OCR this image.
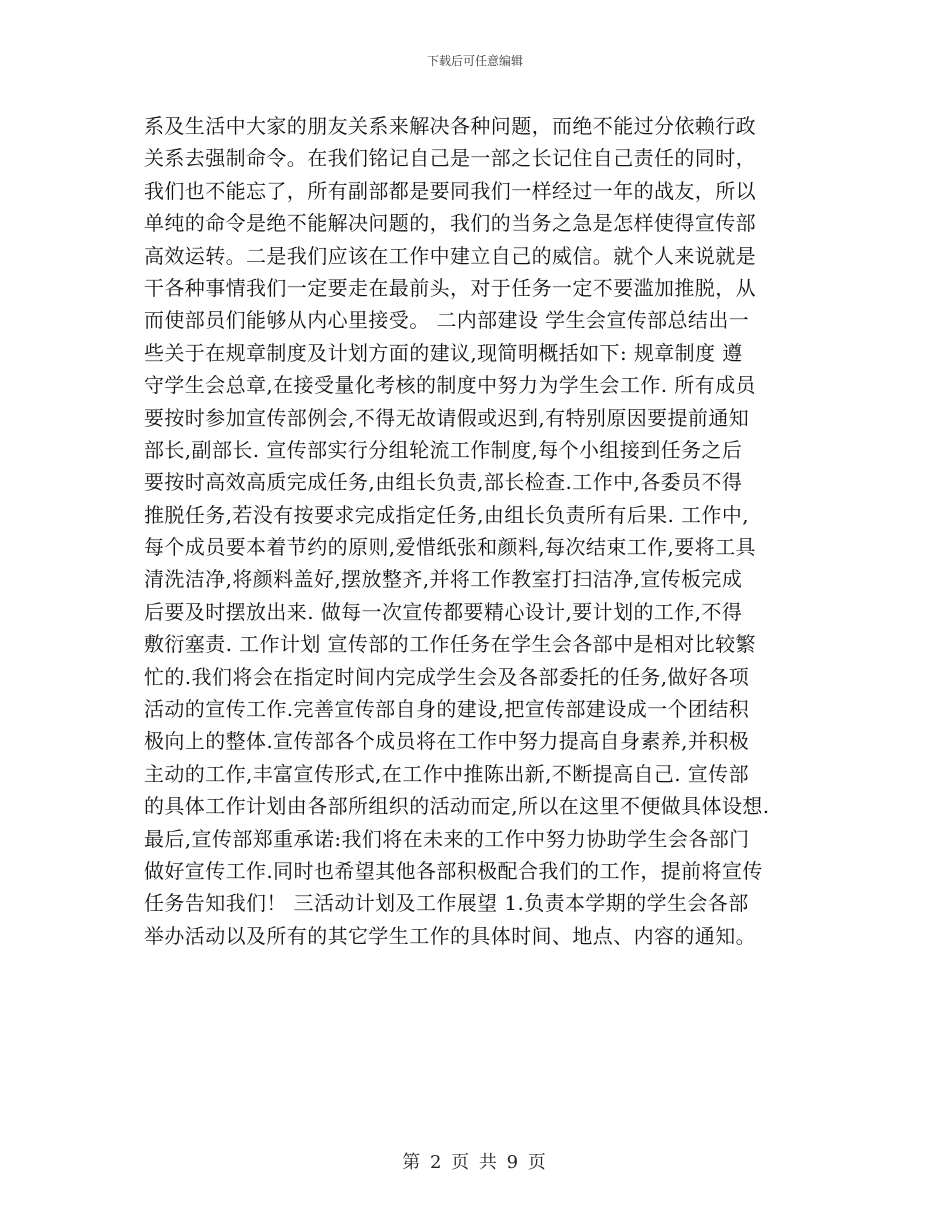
下载后可任意编辑
系及生活中大家的朋友关系来解决各种问题，而绝不能过分依赖行政
关系去强制命令。在我们铭记自己是一部之长记住自己责任的同时，
我们也不能忘了，所有副部都是要同我们一样经过一年的战友，所以
单纯的命令是绝不能解决问题的，我们的当务之急是怎样使得宣传部
高效运转。二是我们应该在工作中建立自己的威信。就个人来说就是
干各种事情我们一定要走在最前头，对于任务一定不要滥加推脱，从
而使部员们能够从内心里接受。 二内部建设 学生会宣传部总结出一
些关于在规章制度及计划方面的建议,现简明概括如下: 规章制度 遵
守学生会总章,在接受量化考核的制度中努力为学生会工作. 所有成员
要按时参加宣传部例会,不得无故请假或迟到,有特别原因要提前通知
部长,副部长. 宣传部实行分组轮流工作制度,每个小组接到任务之后
要按时高效高质完成任务,由组长负责,部长检查.工作中,各委员不得
推脱任务,若没有按要求完成指定任务,由组长负责所有后果. 工作中,
每个成员要本着节约的原则,爱惜纸张和颜料,每次结束工作,要将工具
清洗洁净,将颜料盖好,摆放整齐,并将工作教室打扫洁净,宣传板完成
后要及时摆放出来. 做每一次宣传都要精心设计,要计划的工作,不得
敷衍塞责. 工作计划 宣传部的工作任务在学生会各部中是相对比较繁
忙的.我们将会在指定时间内完成学生会及各部委托的任务,做好各项
活动的宣传工作.完善宣传部自身的建设,把宣传部建设成一个团结积
极向上的整体.宣传部各个成员将在工作中努力提高自身素养,并积极
主动的工作,丰富宣传形式,在工作中推陈出新,不断提高自己. 宣传部
的具体工作计划由各部所组织的活动而定,所以在这里不便做具体设想.
最后,宣传部郑重承诺:我们将在未来的工作中努力协助学生会各部门
做好宣传工作.同时也希望其他各部积极配合我们的工作，提前将宣传
任务告知我们！ 三活动计划及工作展望 1.负责本学期的学生会各部
举办活动以及所有的其它学生工作的具体时间、地点、内容的通知。
第 2 页 共 9 页
